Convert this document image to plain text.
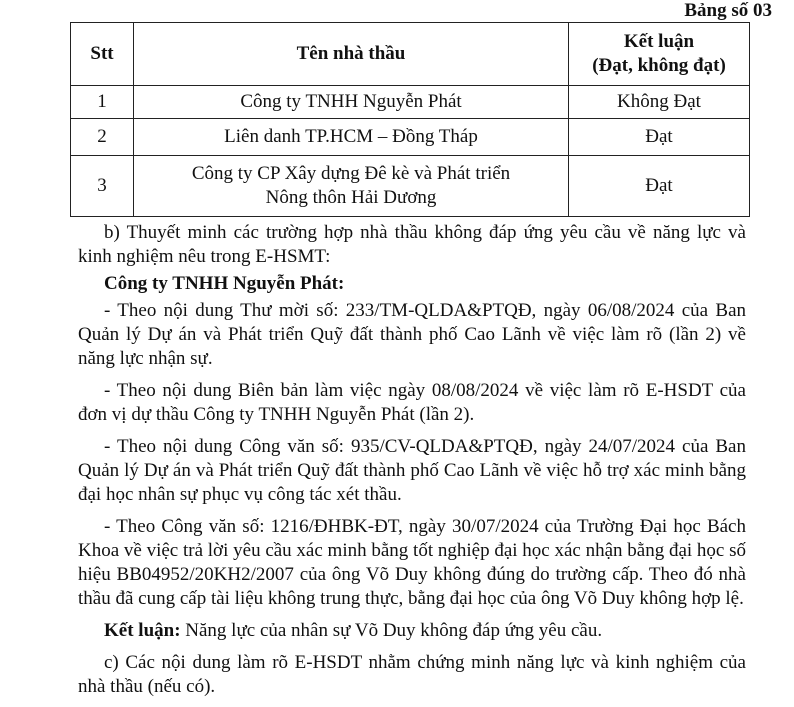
Bảng số 03
Stt	Tên nhà thầu	Kết luận
(Đạt, không đạt)
1	Công ty TNHH Nguyễn Phát	Không Đạt
2	Liên danh TP.HCM – Đồng Tháp	Đạt
3	Công ty CP Xây dựng Đê kè và Phát triển Nông thôn Hải Dương	Đạt

b) Thuyết minh các trường hợp nhà thầu không đáp ứng yêu cầu về năng lực và kinh nghiệm nêu trong E-HSMT:

Công ty TNHH Nguyễn Phát:

- Theo nội dung Thư mời số: 233/TM-QLDA&PTQĐ, ngày 06/08/2024 của Ban Quản lý Dự án và Phát triển Quỹ đất thành phố Cao Lãnh về việc làm rõ (lần 2) về năng lực nhận sự.

- Theo nội dung Biên bản làm việc ngày 08/08/2024 về việc làm rõ E-HSDT của đơn vị dự thầu Công ty TNHH Nguyễn Phát (lần 2).

- Theo nội dung Công văn số: 935/CV-QLDA&PTQĐ, ngày 24/07/2024 của Ban Quản lý Dự án và Phát triển Quỹ đất thành phố Cao Lãnh về việc hỗ trợ xác minh bằng đại học nhân sự phục vụ công tác xét thầu.

- Theo Công văn số: 1216/ĐHBK-ĐT, ngày 30/07/2024 của Trường Đại học Bách Khoa về việc trả lời yêu cầu xác minh bằng tốt nghiệp đại học xác nhận bằng đại học số hiệu BB04952/20KH2/2007 của ông Võ Duy không đúng do trường cấp. Theo đó nhà thầu đã cung cấp tài liệu không trung thực, bằng đại học của ông Võ Duy không hợp lệ.

Kết luận: Năng lực của nhân sự Võ Duy không đáp ứng yêu cầu.

c) Các nội dung làm rõ E-HSDT nhằm chứng minh năng lực và kinh nghiệm của nhà thầu (nếu có).
